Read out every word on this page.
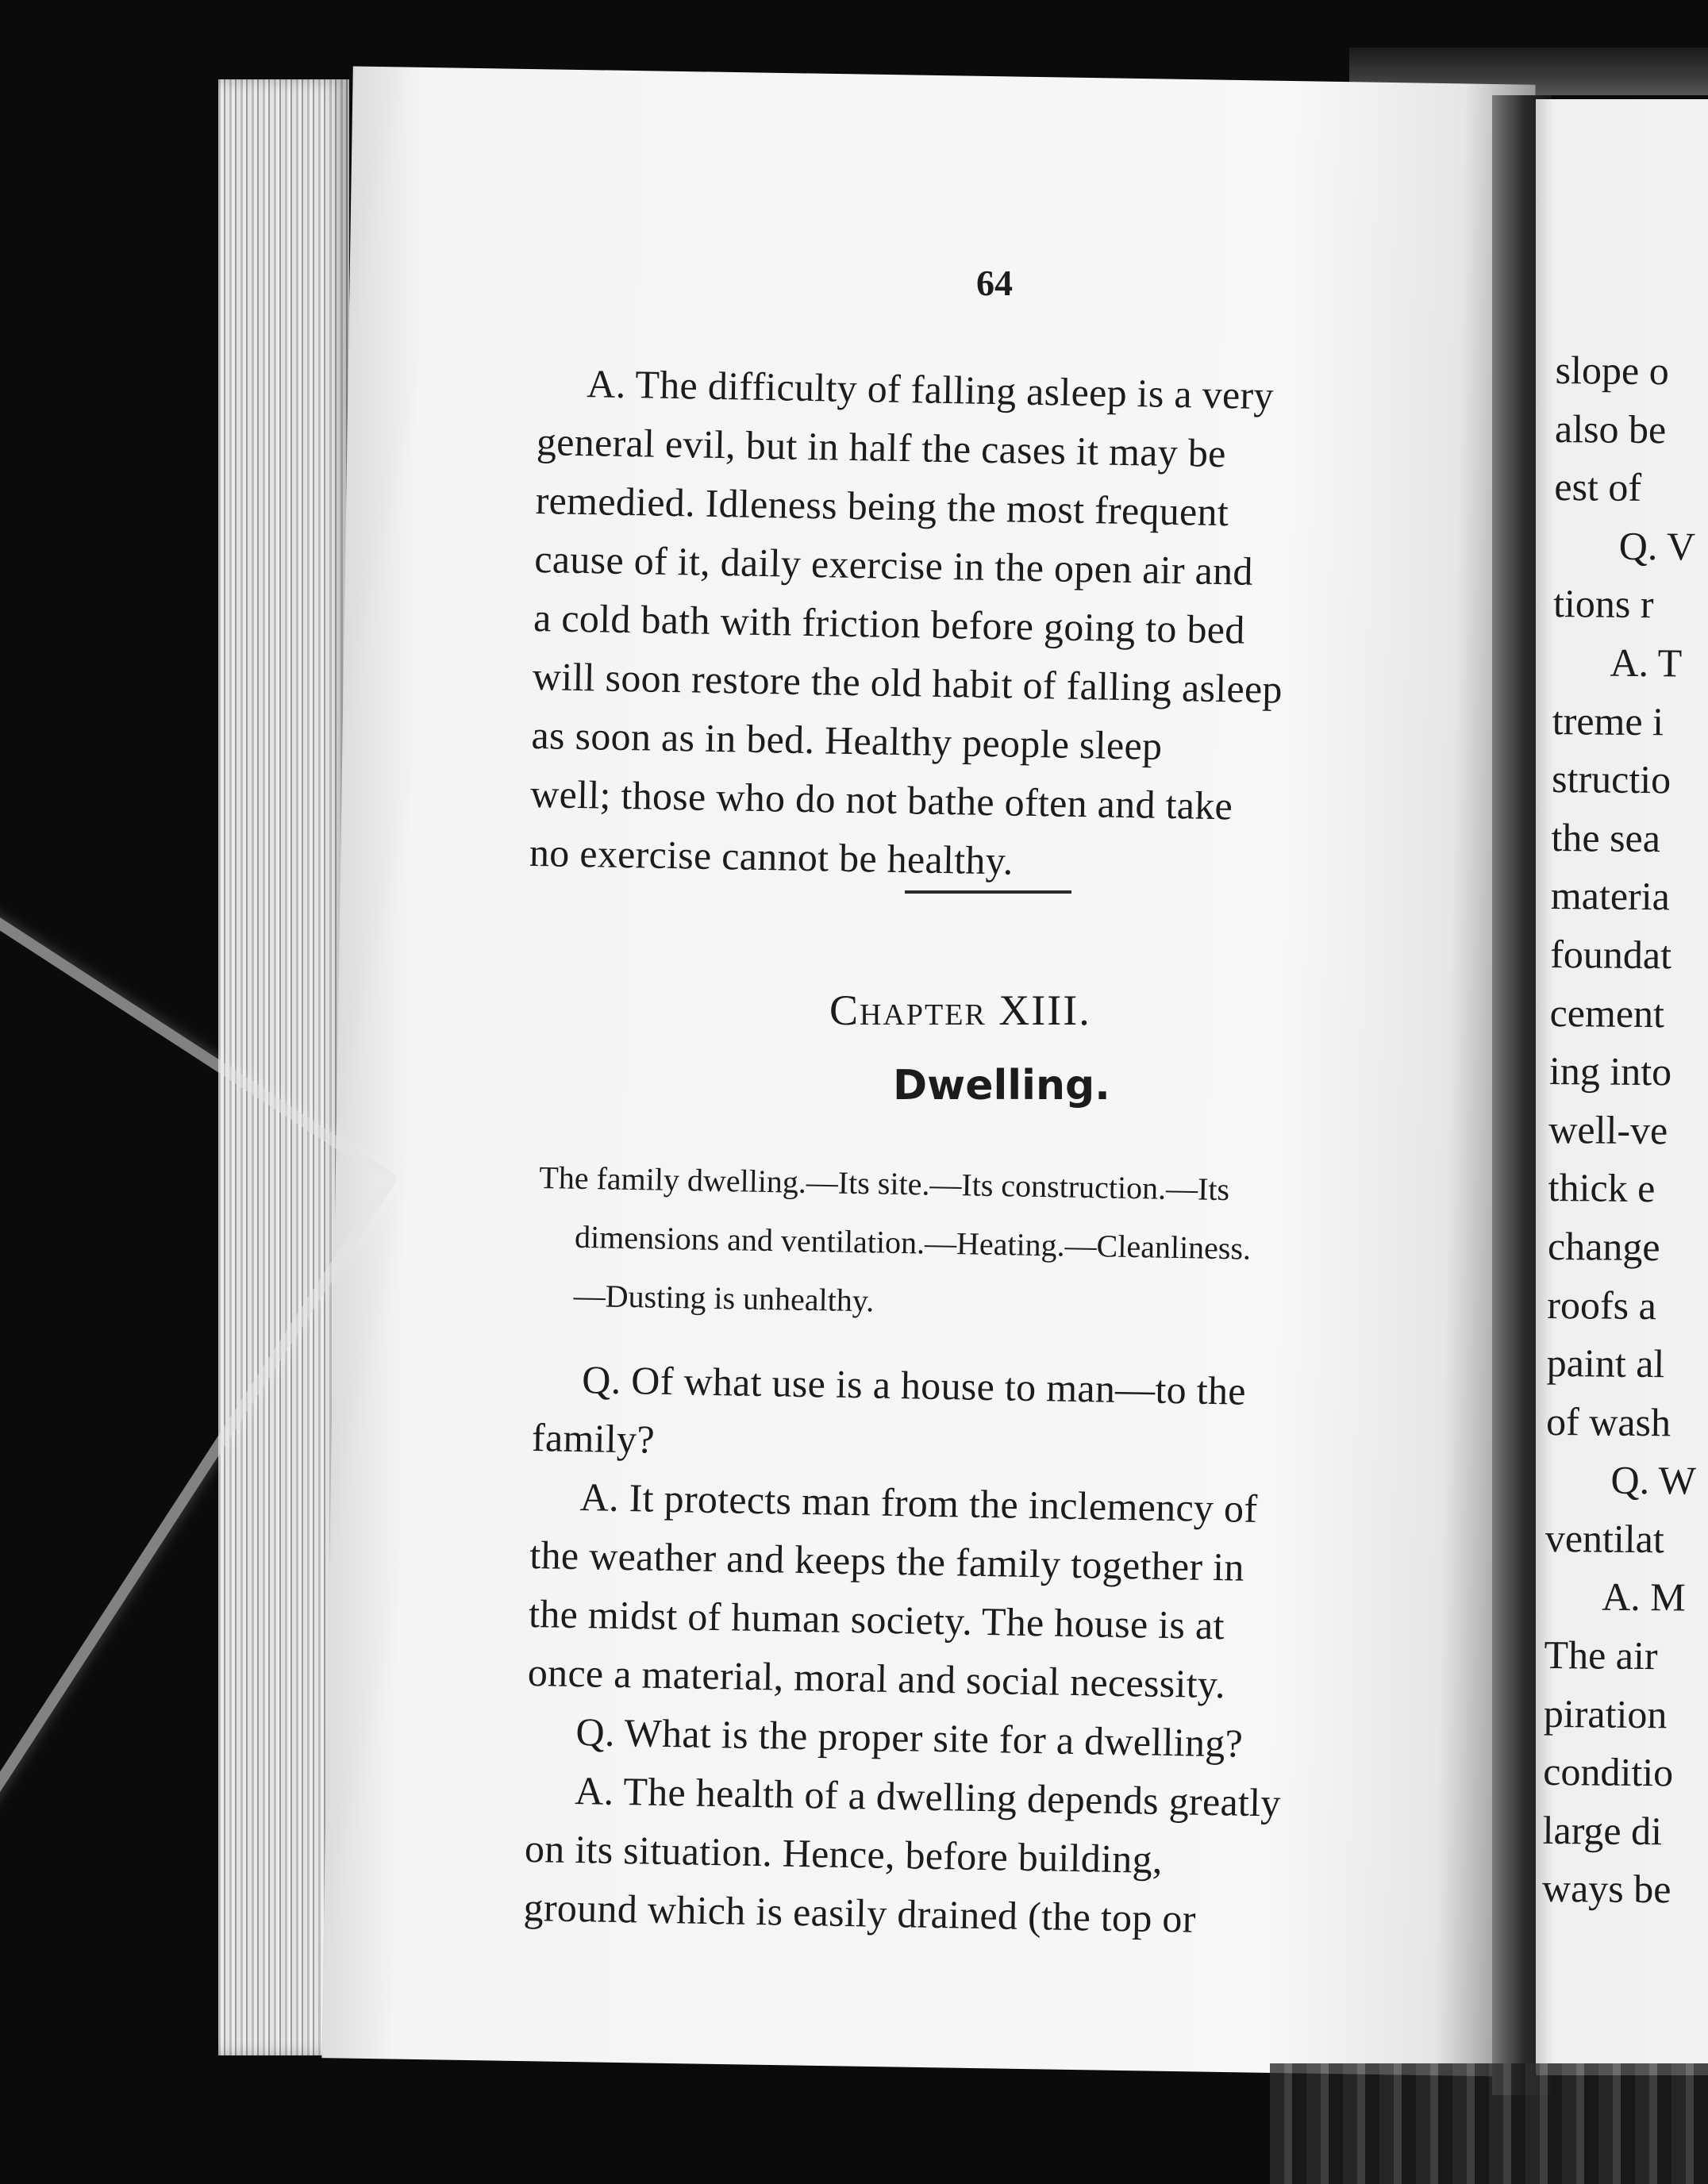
64
A. The difficulty of falling asleep is a very
general evil, but in half the cases it may be
remedied. Idleness being the most frequent
cause of it, daily exercise in the open air and
a cold bath with friction before going to bed
will soon restore the old habit of falling asleep
as soon as in bed. Healthy people sleep
well; those who do not bathe often and take
no exercise cannot be healthy.
Chapter XIII.
Dwelling.
The family dwelling.—Its site.—Its construction.—Its
dimensions and ventilation.—Heating.—Cleanliness.
—Dusting is unhealthy.
Q. Of what use is a house to man—to the
family?
A. It protects man from the inclemency of
the weather and keeps the family together in
the midst of human society. The house is at
once a material, moral and social necessity.
Q. What is the proper site for a dwelling?
A. The health of a dwelling depends greatly
on its situation. Hence, before building,
ground which is easily drained (the top or
slope o
also be
est of
Q. V
tions r
A. T
treme i
structio
the sea
materia
foundat
cement
ing into
well-ve
thick e
change
roofs a
paint al
of wash
Q. W
ventilat
A. M
The air
piration
conditio
large di
ways be
